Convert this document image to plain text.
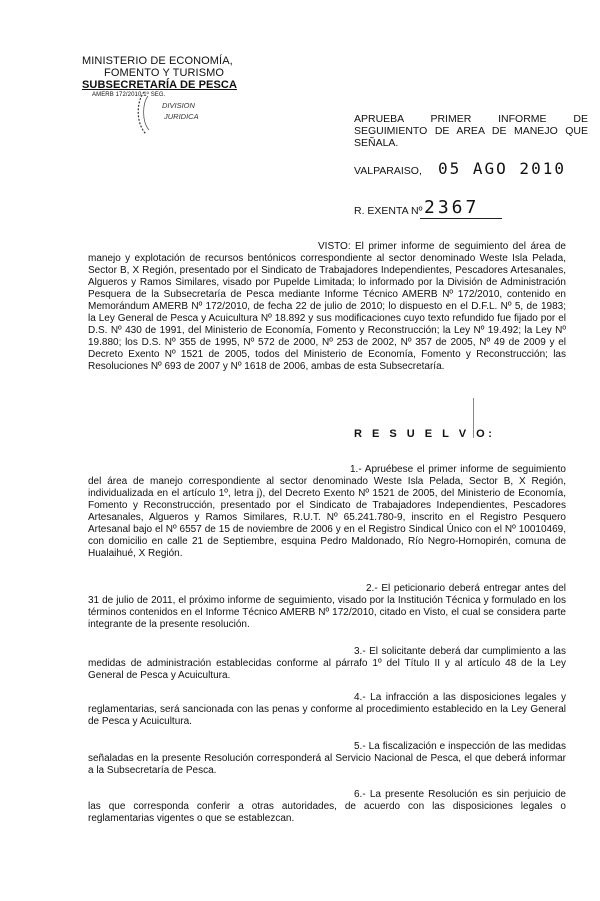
MINISTERIO DE ECONOMÍA,
FOMENTO Y TURISMO
SUBSECRETARÍA DE PESCA
AMERB 172/2010 1º SEG.
DIVISION
JURIDICA	APRUEBA PRIMER INFORME DE SEGUIMIENTO DE AREA DE MANEJO QUE SEÑALA.
VALPARAISO, 05 AGO 2010
R. EXENTA Nº 2367
VISTO: El primer informe de seguimiento del área de manejo y explotación de recursos bentónicos correspondiente al sector denominado Weste Isla Pelada, Sector B, X Región, presentado por el Sindicato de Trabajadores Independientes, Pescadores Artesanales, Algueros y Ramos Similares, visado por Pupelde Limitada; lo informado por la División de Administración Pesquera de la Subsecretaría de Pesca mediante Informe Técnico AMERB Nº 172/2010, contenido en Memorándum AMERB Nº 172/2010, de fecha 22 de julio de 2010; lo dispuesto en el D.F.L. Nº 5, de 1983; la Ley General de Pesca y Acuicultura Nº 18.892 y sus modificaciones cuyo texto refundido fue fijado por el D.S. Nº 430 de 1991, del Ministerio de Economía, Fomento y Reconstrucción; la Ley Nº 19.492; la Ley Nº 19.880; los D.S. Nº 355 de 1995, Nº 572 de 2000, Nº 253 de 2002, Nº 357 de 2005, Nº 49 de 2009 y el Decreto Exento Nº 1521 de 2005, todos del Ministerio de Economía, Fomento y Reconstrucción; las Resoluciones Nº 693 de 2007 y Nº 1618 de 2006, ambas de esta Subsecretaría.
R E S U E L V O:
1.- Apruébese el primer informe de seguimiento del área de manejo correspondiente al sector denominado Weste Isla Pelada, Sector B, X Región, individualizada en el artículo 1º, letra j), del Decreto Exento Nº 1521 de 2005, del Ministerio de Economía, Fomento y Reconstrucción, presentado por el Sindicato de Trabajadores Independientes, Pescadores Artesanales, Algueros y Ramos Similares, R.U.T. Nº 65.241.780-9, inscrito en el Registro Pesquero Artesanal bajo el Nº 6557 de 15 de noviembre de 2006 y en el Registro Sindical Único con el Nº 10010469, con domicilio en calle 21 de Septiembre, esquina Pedro Maldonado, Río Negro-Hornopirén, comuna de Hualaihué, X Región.
2.- El peticionario deberá entregar antes del 31 de julio de 2011, el próximo informe de seguimiento, visado por la Institución Técnica y formulado en los términos contenidos en el Informe Técnico AMERB Nº 172/2010, citado en Visto, el cual se considera parte integrante de la presente resolución.
3.- El solicitante deberá dar cumplimiento a las medidas de administración establecidas conforme al párrafo 1º del Título II y al artículo 48 de la Ley General de Pesca y Acuicultura.
4.- La infracción a las disposiciones legales y reglamentarias, será sancionada con las penas y conforme al procedimiento establecido en la Ley General de Pesca y Acuicultura.
5.- La fiscalización e inspección de las medidas señaladas en la presente Resolución corresponderá al Servicio Nacional de Pesca, el que deberá informar a la Subsecretaría de Pesca.
6.- La presente Resolución es sin perjuicio de las que corresponda conferir a otras autoridades, de acuerdo con las disposiciones legales o reglamentarias vigentes o que se establezcan.
